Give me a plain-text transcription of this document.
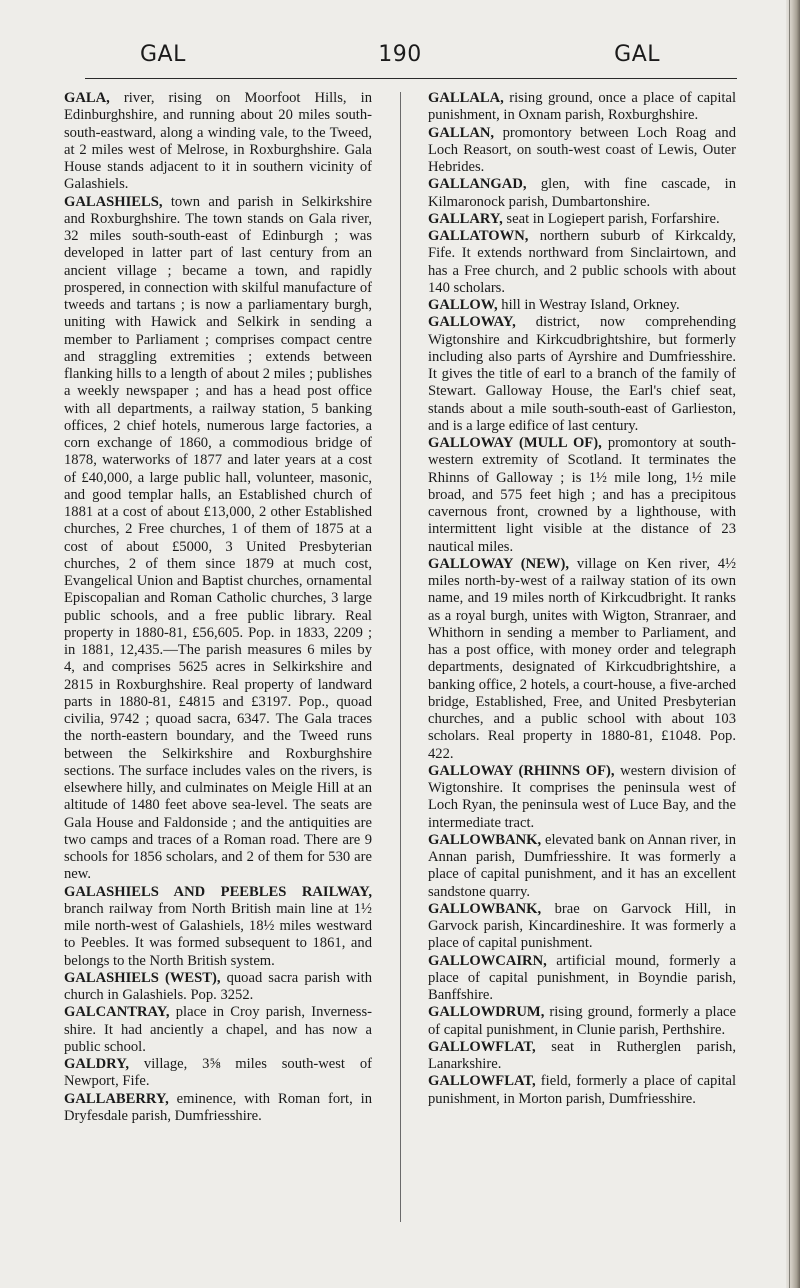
GAL	190	GAL

GALA, river, rising on Moorfoot Hills, in Edinburghshire, and running about 20 miles south-south-eastward, along a winding vale, to the Tweed, at 2 miles west of Melrose, in Roxburghshire. Gala House stands adjacent to it in southern vicinity of Galashiels.

GALASHIELS, town and parish in Selkirkshire and Roxburghshire. The town stands on Gala river, 32 miles south-south-east of Edinburgh ; was developed in latter part of last century from an ancient village ; became a town, and rapidly prospered, in connection with skilful manufacture of tweeds and tartans ; is now a parliamentary burgh, uniting with Hawick and Selkirk in sending a member to Parliament ; comprises compact centre and straggling extremities ; extends between flanking hills to a length of about 2 miles ; publishes a weekly newspaper ; and has a head post office with all departments, a railway station, 5 banking offices, 2 chief hotels, numerous large factories, a corn exchange of 1860, a commodious bridge of 1878, waterworks of 1877 and later years at a cost of £40,000, a large public hall, volunteer, masonic, and good templar halls, an Established church of 1881 at a cost of about £13,000, 2 other Established churches, 2 Free churches, 1 of them of 1875 at a cost of about £5000, 3 United Presbyterian churches, 2 of them since 1879 at much cost, Evangelical Union and Baptist churches, ornamental Episcopalian and Roman Catholic churches, 3 large public schools, and a free public library. Real property in 1880-81, £56,605. Pop. in 1833, 2209 ; in 1881, 12,435.—The parish measures 6 miles by 4, and comprises 5625 acres in Selkirkshire and 2815 in Roxburghshire. Real property of landward parts in 1880-81, £4815 and £3197. Pop., quoad civilia, 9742 ; quoad sacra, 6347. The Gala traces the north-eastern boundary, and the Tweed runs between the Selkirkshire and Roxburghshire sections. The surface includes vales on the rivers, is elsewhere hilly, and culminates on Meigle Hill at an altitude of 1480 feet above sea-level. The seats are Gala House and Faldonside ; and the antiquities are two camps and traces of a Roman road. There are 9 schools for 1856 scholars, and 2 of them for 530 are new.

GALASHIELS AND PEEBLES RAILWAY, branch railway from North British main line at 1½ mile north-west of Galashiels, 18½ miles westward to Peebles. It was formed subsequent to 1861, and belongs to the North British system.

GALASHIELS (WEST), quoad sacra parish with church in Galashiels. Pop. 3252.

GALCANTRAY, place in Croy parish, Inverness-shire. It had anciently a chapel, and has now a public school.

GALDRY, village, 3⅝ miles south-west of Newport, Fife.

GALLABERRY, eminence, with Roman fort, in Dryfesdale parish, Dumfriesshire.

GALLALA, rising ground, once a place of capital punishment, in Oxnam parish, Roxburghshire.

GALLAN, promontory between Loch Roag and Loch Reasort, on south-west coast of Lewis, Outer Hebrides.

GALLANGAD, glen, with fine cascade, in Kilmaronock parish, Dumbartonshire.

GALLARY, seat in Logiepert parish, Forfarshire.

GALLATOWN, northern suburb of Kirkcaldy, Fife. It extends northward from Sinclairtown, and has a Free church, and 2 public schools with about 140 scholars.

GALLOW, hill in Westray Island, Orkney.

GALLOWAY, district, now comprehending Wigtonshire and Kirkcudbrightshire, but formerly including also parts of Ayrshire and Dumfriesshire. It gives the title of earl to a branch of the family of Stewart. Galloway House, the Earl's chief seat, stands about a mile south-south-east of Garlieston, and is a large edifice of last century.

GALLOWAY (MULL OF), promontory at south-western extremity of Scotland. It terminates the Rhinns of Galloway ; is 1½ mile long, 1½ mile broad, and 575 feet high ; and has a precipitous cavernous front, crowned by a lighthouse, with intermittent light visible at the distance of 23 nautical miles.

GALLOWAY (NEW), village on Ken river, 4½ miles north-by-west of a railway station of its own name, and 19 miles north of Kirkcudbright. It ranks as a royal burgh, unites with Wigton, Stranraer, and Whithorn in sending a member to Parliament, and has a post office, with money order and telegraph departments, designated of Kirkcudbrightshire, a banking office, 2 hotels, a court-house, a five-arched bridge, Established, Free, and United Presbyterian churches, and a public school with about 103 scholars. Real property in 1880-81, £1048. Pop. 422.

GALLOWAY (RHINNS OF), western division of Wigtonshire. It comprises the peninsula west of Loch Ryan, the peninsula west of Luce Bay, and the intermediate tract.

GALLOWBANK, elevated bank on Annan river, in Annan parish, Dumfriesshire. It was formerly a place of capital punishment, and it has an excellent sandstone quarry.

GALLOWBANK, brae on Garvock Hill, in Garvock parish, Kincardineshire. It was formerly a place of capital punishment.

GALLOWCAIRN, artificial mound, formerly a place of capital punishment, in Boyndie parish, Banffshire.

GALLOWDRUM, rising ground, formerly a place of capital punishment, in Clunie parish, Perthshire.

GALLOWFLAT, seat in Rutherglen parish, Lanarkshire.

GALLOWFLAT, field, formerly a place of capital punishment, in Morton parish, Dumfriesshire.
